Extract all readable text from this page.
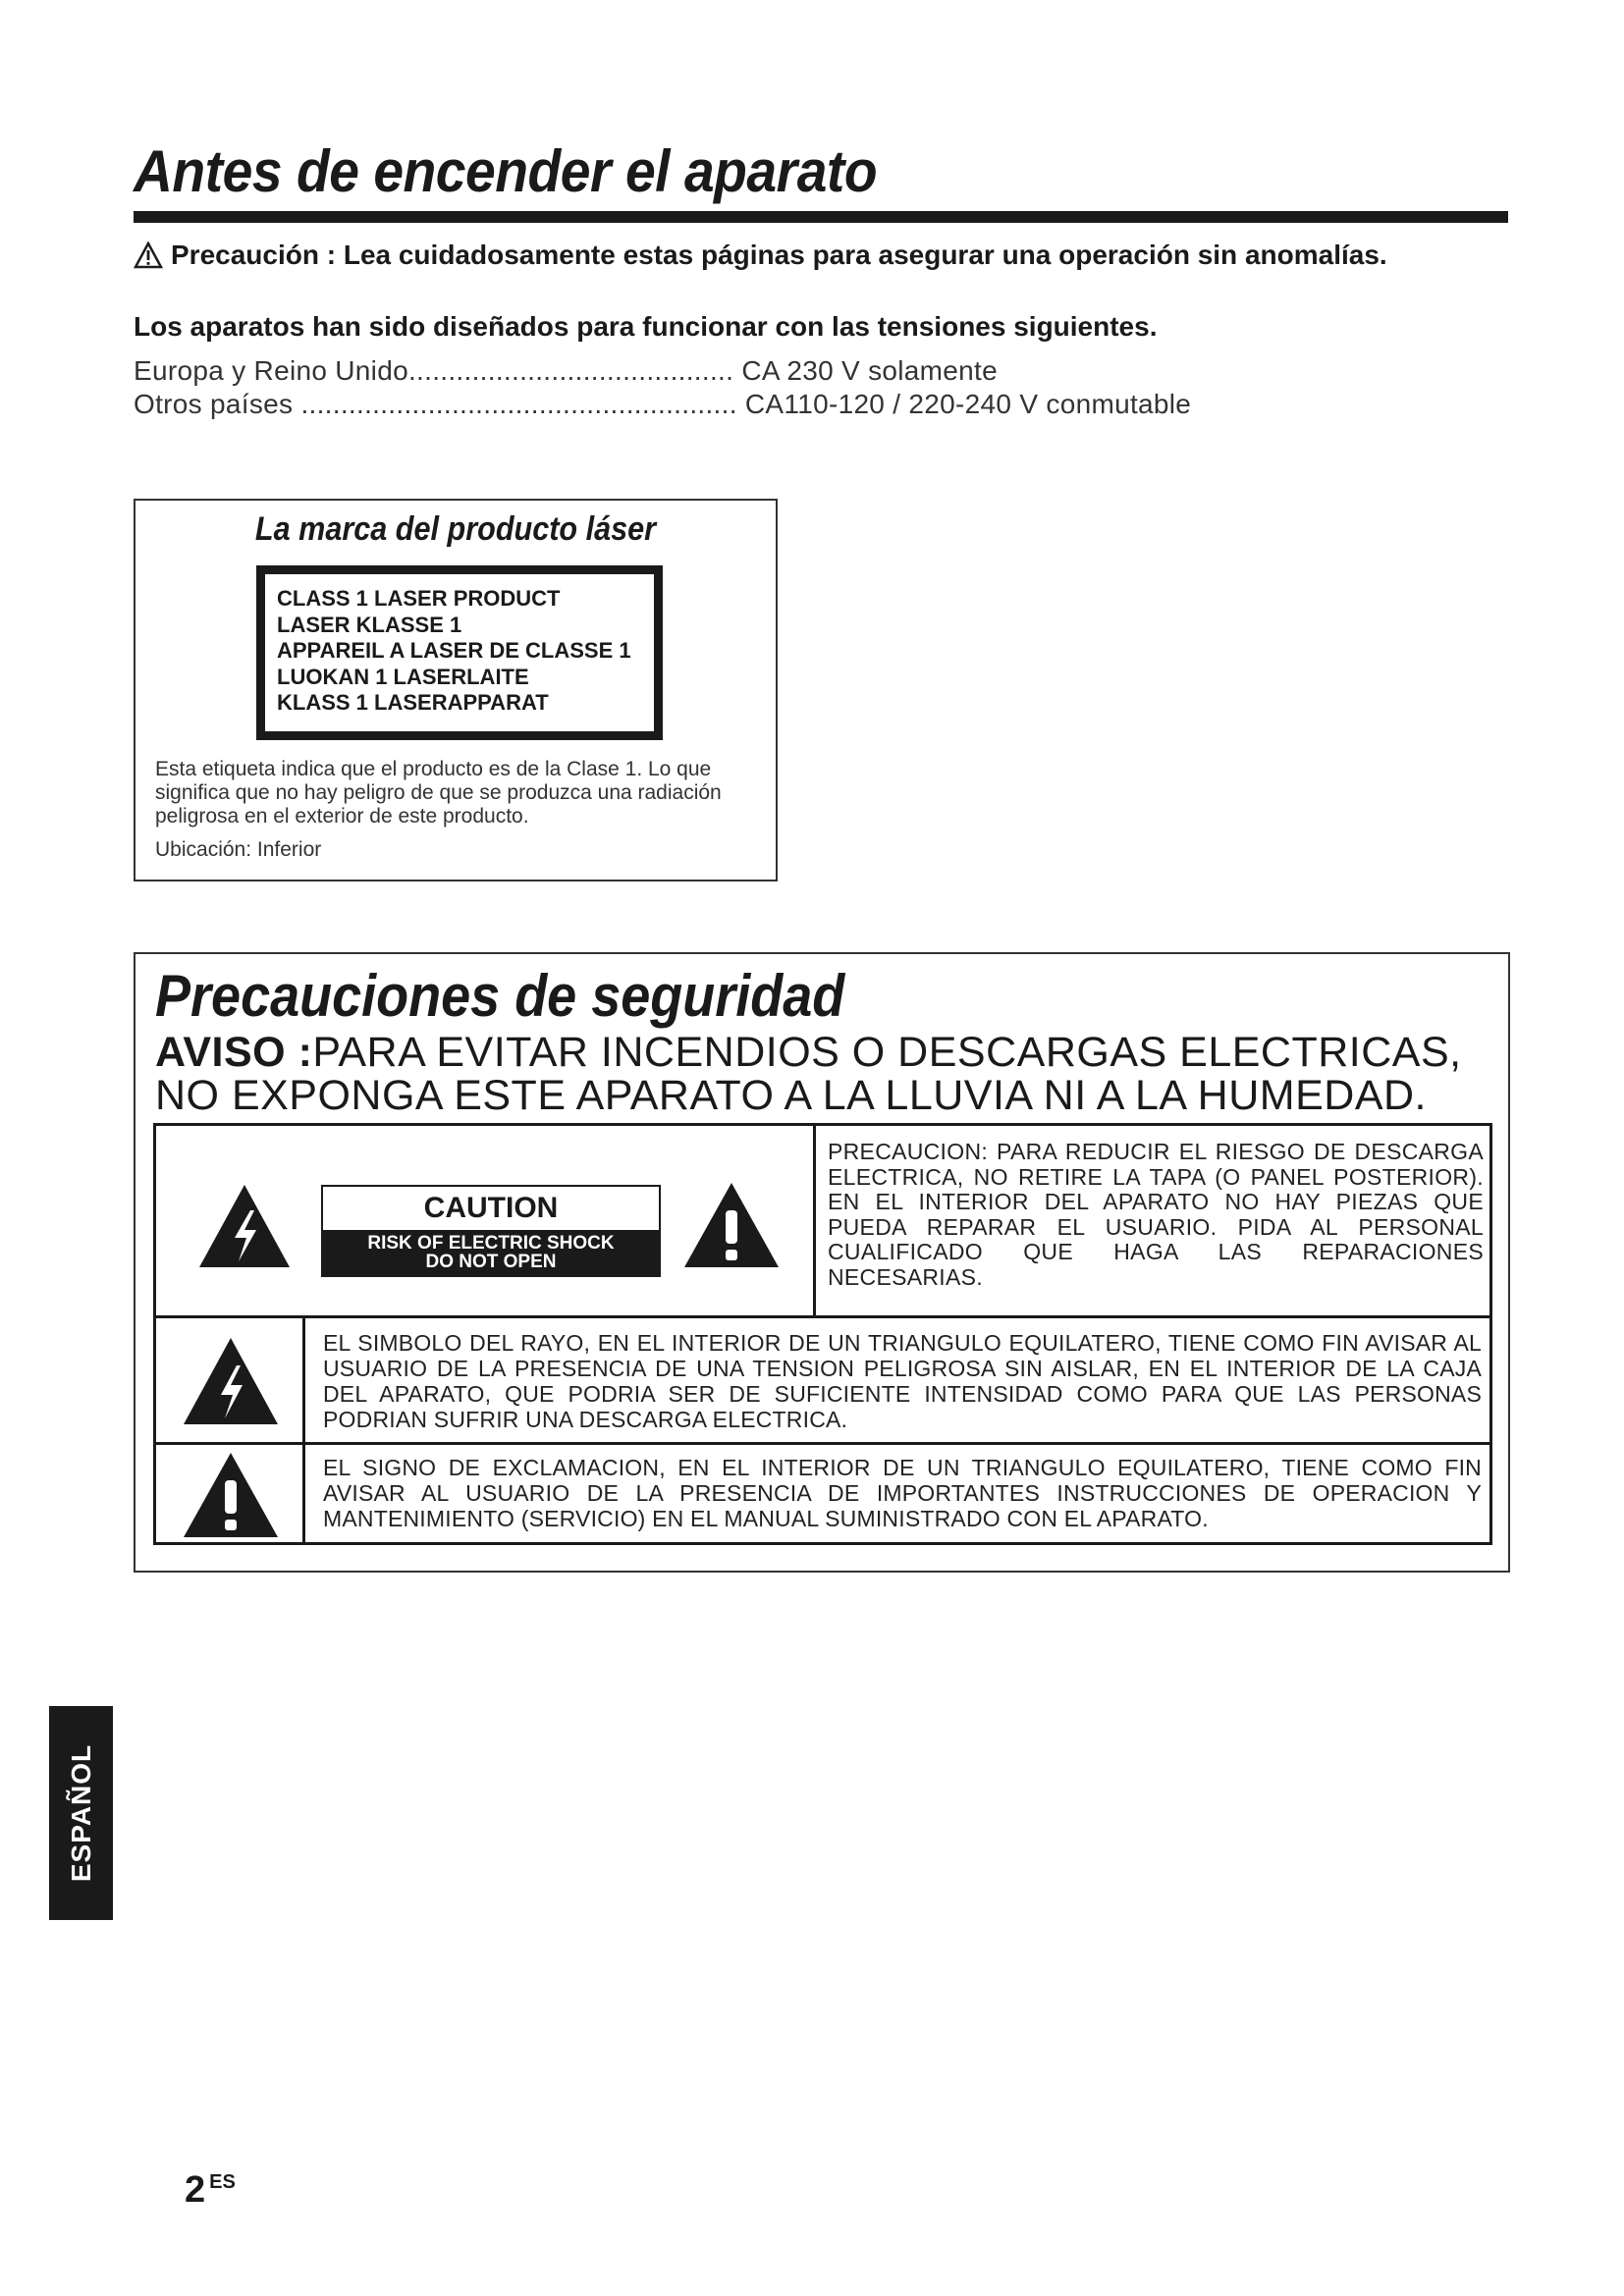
Antes de encender el aparato
Precaución : Lea cuidadosamente estas páginas para asegurar una operación sin anomalías.
Los aparatos han sido diseñados para funcionar con las tensiones siguientes.
Europa y Reino Unido......................................... CA 230 V solamente
Otros países ....................................................... CA110-120 / 220-240 V conmutable
La marca del producto láser
CLASS 1 LASER PRODUCT
LASER KLASSE 1
APPAREIL A LASER DE CLASSE 1
LUOKAN 1 LASERLAITE
KLASS 1 LASERAPPARAT
Esta etiqueta indica que el producto es de la Clase 1. Lo que significa que no hay peligro de que se produzca una radiación peligrosa en el exterior de este producto.
Ubicación: Inferior
Precauciones de seguridad
AVISO :PARA EVITAR INCENDIOS O DESCARGAS ELECTRICAS,
NO EXPONGA ESTE APARATO A LA LLUVIA NI A LA HUMEDAD.
CAUTION
RISK OF ELECTRIC SHOCK
DO NOT OPEN
PRECAUCION: PARA REDUCIR EL RIESGO DE DESCARGA ELECTRICA, NO RETIRE LA TAPA (O PANEL POSTERIOR). EN EL INTERIOR DEL APARATO NO HAY PIEZAS QUE PUEDA REPARAR EL USUARIO. PIDA AL PERSONAL CUALIFICADO QUE HAGA LAS REPARACIONES NECESARIAS.
EL SIMBOLO DEL RAYO, EN EL INTERIOR DE UN TRIANGULO EQUILATERO, TIENE COMO FIN AVISAR AL USUARIO DE LA PRESENCIA DE UNA TENSION PELIGROSA SIN AISLAR, EN EL INTERIOR DE LA CAJA DEL APARATO, QUE PODRIA SER DE SUFICIENTE INTENSIDAD COMO PARA QUE LAS PERSONAS PODRIAN SUFRIR UNA DESCARGA ELECTRICA.
EL SIGNO DE EXCLAMACION, EN EL INTERIOR DE UN TRIANGULO EQUILATERO, TIENE COMO FIN AVISAR AL USUARIO DE LA PRESENCIA DE IMPORTANTES INSTRUCCIONES DE OPERACION Y MANTENIMIENTO (SERVICIO) EN EL MANUAL SUMINISTRADO CON EL APARATO.
ESPAÑOL
2 $^{ES}$
